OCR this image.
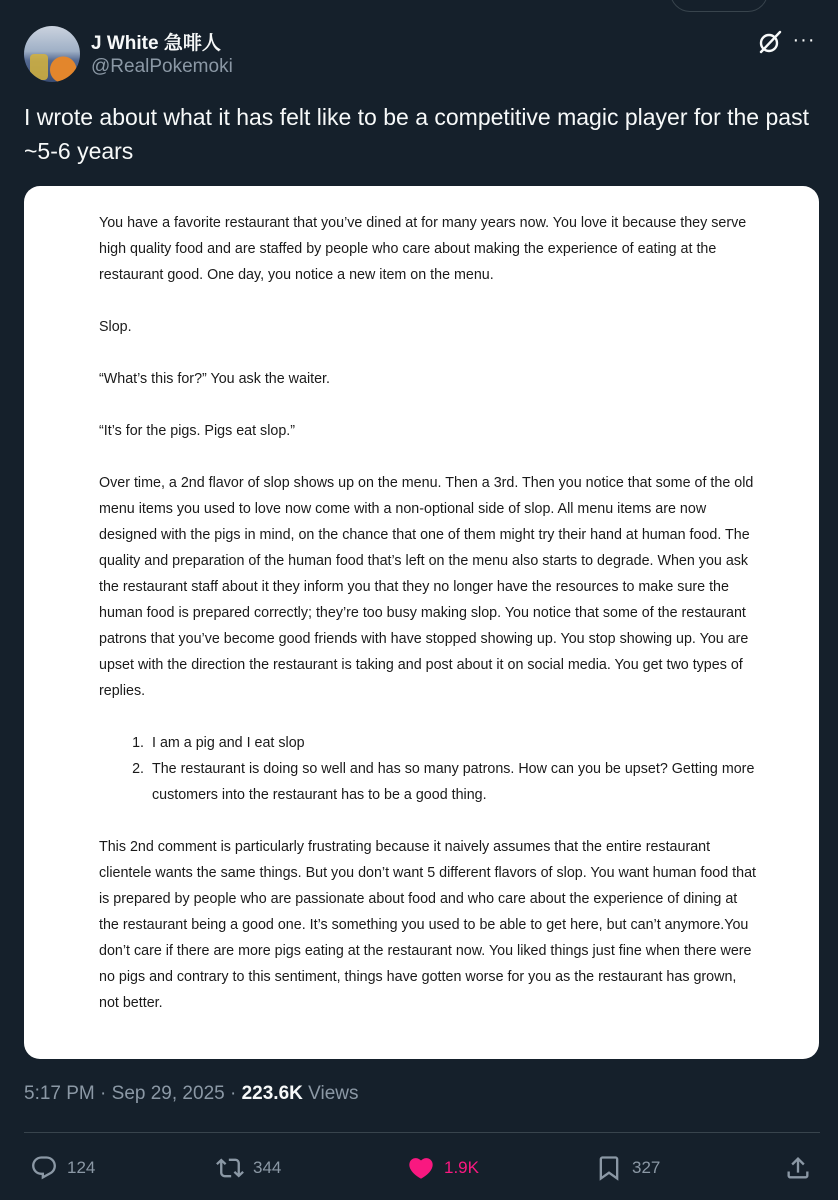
J White 急啡人
@RealPokemoki
···

I wrote about what it has felt like to be a competitive magic player for the past ~5-6 years

You have a favorite restaurant that you’ve dined at for many years now. You love it because they serve high quality food and are staffed by people who care about making the experience of eating at the restaurant good. One day, you notice a new item on the menu.

Slop.

“What’s this for?” You ask the waiter.

“It’s for the pigs. Pigs eat slop.”

Over time, a 2nd flavor of slop shows up on the menu. Then a 3rd. Then you notice that some of the old menu items you used to love now come with a non-optional side of slop. All menu items are now designed with the pigs in mind, on the chance that one of them might try their hand at human food. The quality and preparation of the human food that’s left on the menu also starts to degrade. When you ask the restaurant staff about it they inform you that they no longer have the resources to make sure the human food is prepared correctly; they’re too busy making slop. You notice that some of the restaurant patrons that you’ve become good friends with have stopped showing up. You stop showing up. You are upset with the direction the restaurant is taking and post about it on social media. You get two types of replies.

1. I am a pig and I eat slop
2. The restaurant is doing so well and has so many patrons. How can you be upset? Getting more customers into the restaurant has to be a good thing.

This 2nd comment is particularly frustrating because it naively assumes that the entire restaurant clientele wants the same things. But you don’t want 5 different flavors of slop. You want human food that is prepared by people who are passionate about food and who care about the experience of dining at the restaurant being a good one. It’s something you used to be able to get here, but can’t anymore.You don’t care if there are more pigs eating at the restaurant now. You liked things just fine when there were no pigs and contrary to this sentiment, things have gotten worse for you as the restaurant has grown, not better.

5:17 PM · Sep 29, 2025 · 223.6K Views
124	344	1.9K	327
